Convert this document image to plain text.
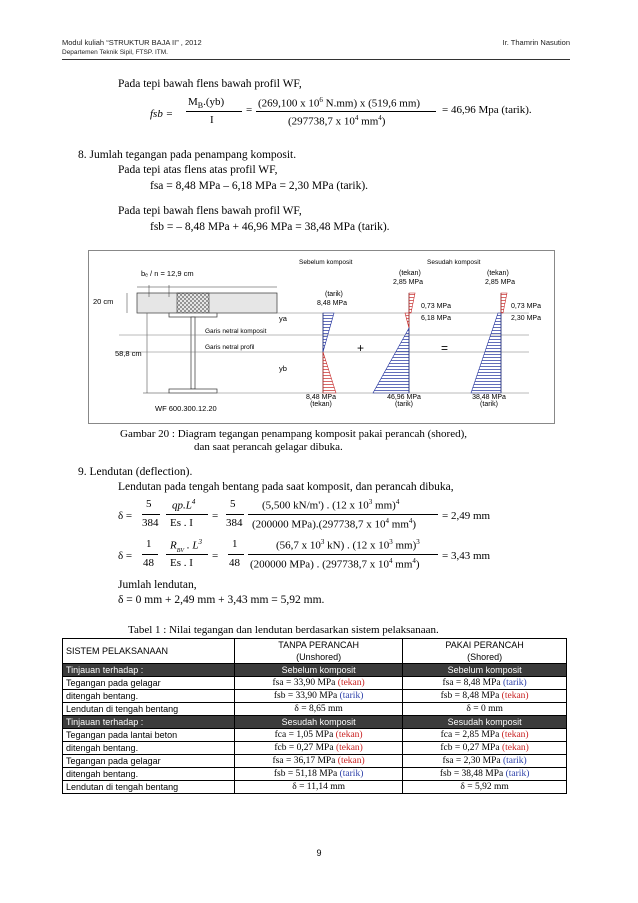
Modul kuliah “STRUKTUR BAJA II” , 2012
Departemen Teknik Sipil, FTSP. ITM.
Ir. Thamrin Nasution
Pada tepi bawah flens bawah profil WF,
fsb =
$M_B.(yb)$
I
=
(269,100 x $10^6$ N.mm) x (519,6 mm)
(297738,7 x $10^4$ $mm^4$)
= 46,96 Mpa (tarik).
8. Jumlah tegangan pada penampang komposit.
Pada tepi atas flens atas profil WF,
fsa = 8,48 MPa – 6,18 MPa = 2,30 MPa (tarik).
Pada tepi bawah flens bawah profil WF,
fsb = – 8,48 MPa + 46,96 MPa = 38,48 MPa (tarik).
bₑ / n = 12,9 cm
20 cm
58,8 cm
Garis netral komposit
Garis netral profil
ya
yb
WF 600.300.12.20
Sebelum komposit	Sesudah komposit
(tarik)
8,48 MPa
(tekan)
2,85 MPa
0,73 MPa
6,18 MPa
(tekan)
2,85 MPa
0,73 MPa
2,30 MPa
+	=
8,48 MPa
(tekan)
46,96 MPa
(tarik)
38,48 MPa
(tarik)
Gambar 20 : Diagram tegangan penampang komposit pakai perancah (shored),
dan saat perancah gelagar dibuka.
9. Lendutan (deflection).
Lendutan pada tengah bentang pada saat komposit, dan perancah dibuka,
δ =
5
384
$qp.L^4$
Es . I
=
5
384
(5,500 kN/m') . (12 x $10^3$ mm)$^4$
(200000 MPa).(297738,7 x $10^4$ $mm^4$)
= 2,49 mm
δ =
1
48
$R_{BV}$ . $L^3$
Es . I
=
1
48
(56,7 x $10^3$ kN) . (12 x $10^3$ mm)$^3$
(200000 MPa) . (297738,7 x $10^4$ $mm^4$)
= 3,43 mm
Jumlah lendutan,
δ = 0 mm + 2,49 mm + 3,43 mm = 5,92 mm.
Tabel 1 : Nilai tegangan dan lendutan berdasarkan sistem pelaksanaan.
SISTEM PELAKSANAAN	TANPA PERANCAH	PAKAI PERANCAH
	(Unshored)	(Shored)
Tinjauan terhadap :	Sebelum komposit	Sebelum komposit
Tegangan pada gelagar	fsa = 33,90 MPa (tekan)	fsa = 8,48 MPa (tarik)
ditengah bentang.	fsb = 33,90 MPa (tarik)	fsb = 8,48 MPa (tekan)
Lendutan di tengah bentang	δ = 8,65 mm	δ = 0 mm
Tinjauan terhadap :	Sesudah komposit	Sesudah komposit
Tegangan pada lantai beton	fca = 1,05 MPa (tekan)	fca = 2,85 MPa (tekan)
ditengah bentang.	fcb = 0,27 MPa (tekan)	fcb = 0,27 MPa (tekan)
Tegangan pada gelagar	fsa = 36,17 MPa (tekan)	fsa = 2,30 MPa (tarik)
ditengah bentang.	fsb = 51,18 MPa (tarik)	fsb = 38,48 MPa (tarik)
Lendutan di tengah bentang	δ = 11,14 mm	δ = 5,92 mm
9
